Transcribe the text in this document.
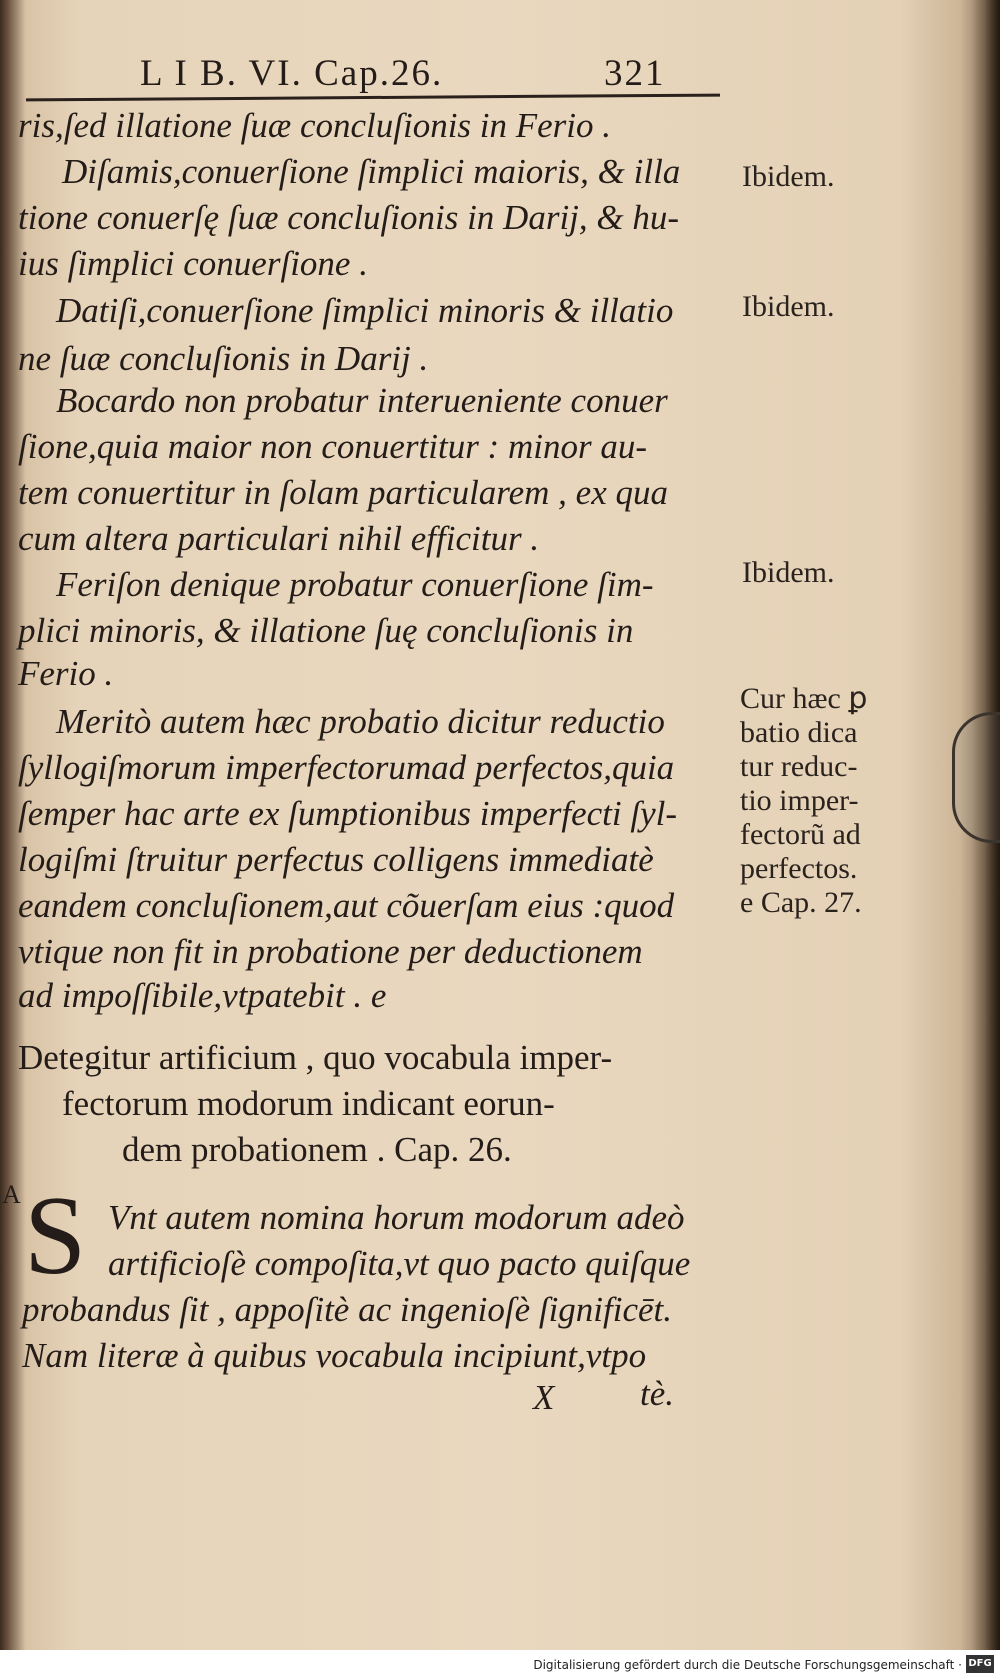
L I B. VI. Cap.26.	321
ris,ſed illatione ſuæ concluſionis in Ferio .
Diſamis,conuerſione ſimplici maioris, & illa
tione conuerſę ſuæ concluſionis in Darij, & hu-
ius ſimplici conuerſione .
Datiſi,conuerſione ſimplici minoris & illatio
ne ſuæ concluſionis in Darij .
Bocardo non probatur interueniente conuer
ſione,quia maior non conuertitur : minor au-
tem conuertitur in ſolam particularem , ex qua
cum altera particulari nihil efficitur .
Feriſon denique probatur conuerſione ſim-
plici minoris, & illatione ſuę concluſionis in
Ferio .
Meritò autem hæc probatio dicitur reductio
ſyllogiſmorum imperfectorumad perfectos,quia
ſemper hac arte ex ſumptionibus imperfecti ſyl-
logiſmi ſtruitur perfectus colligens immediatè
eandem concluſionem,aut cõuerſam eius :quod
vtique non fit in probatione per deductionem
ad impoſſibile,vtpatebit . e
Detegitur artificium , quo vocabula imper-
fectorum modorum indicant eorun-
dem probationem . Cap. 26.
A S Vnt autem nomina horum modorum adeò
artificioſè compoſita,vt quo pacto quiſque
probandus ſit , appoſitè ac ingenioſè ſignificēt.
Nam literæ à quibus vocabula incipiunt,vtpo
X tè.
Ibidem.
Ibidem.
Ibidem.
Cur hæc ꝑ
batio dica
tur reduc-
tio imper-
fectorũ ad
perfectos.
e Cap. 27.
Digitalisierung gefördert durch die Deutsche Forschungsgemeinschaft · DFG
